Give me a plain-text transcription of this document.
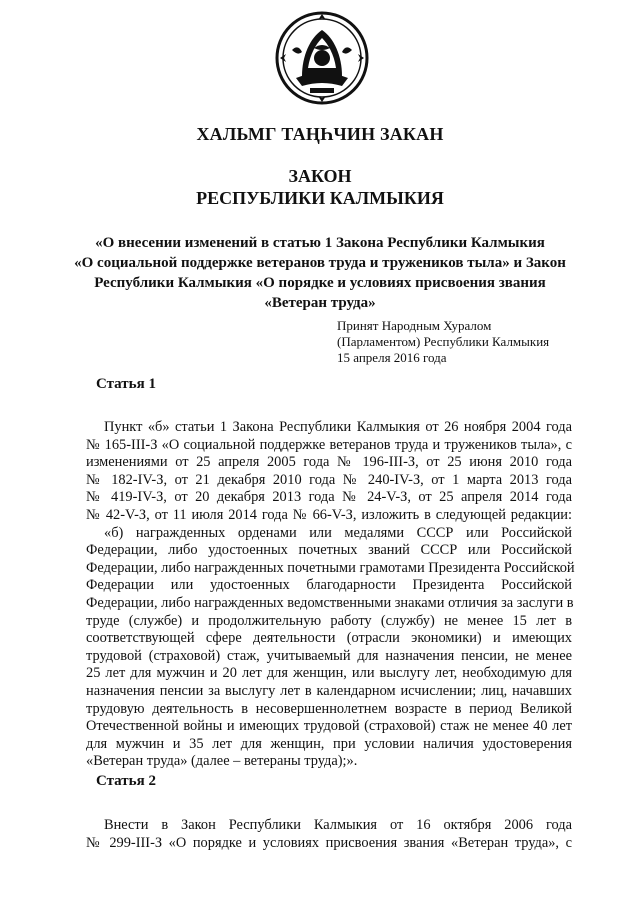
ХАЛЬМГ ТАҢҺЧИН ЗАКАН
ЗАКОН
РЕСПУБЛИКИ КАЛМЫКИЯ
«О внесении изменений в статью 1 Закона Республики Калмыкия
«О социальной поддержке ветеранов труда и тружеников тыла» и Закон
Республики Калмыкия «О порядке и условиях присвоения звания
«Ветеран труда»
Принят Народным Хуралом
(Парламентом) Республики Калмыкия
15 апреля 2016 года
Статья 1
Пункт «б» статьи 1 Закона Республики Калмыкия от 26 ноября 2004 года
№ 165-III-З «О социальной поддержке ветеранов труда и тружеников тыла», с
изменениями от 25 апреля 2005 года № 196-III-З, от 25 июня 2010 года
№ 182-IV-З, от 21 декабря 2010 года № 240-IV-З, от 1 марта 2013 года
№ 419-IV-З, от 20 декабря 2013 года № 24-V-З, от 25 апреля 2014 года
№ 42-V-З, от 11 июля 2014 года № 66-V-З, изложить в следующей редакции:
«б) награжденных орденами или медалями СССР или Российской
Федерации, либо удостоенных почетных званий СССР или Российской
Федерации, либо награжденных почетными грамотами Президента Российской
Федерации или удостоенных благодарности Президента Российской
Федерации, либо награжденных ведомственными знаками отличия за заслуги в
труде (службе) и продолжительную работу (службу) не менее 15 лет в
соответствующей сфере деятельности (отрасли экономики) и имеющих
трудовой (страховой) стаж, учитываемый для назначения пенсии, не менее
25 лет для мужчин и 20 лет для женщин, или выслугу лет, необходимую для
назначения пенсии за выслугу лет в календарном исчислении; лиц, начавших
трудовую деятельность в несовершеннолетнем возрасте в период Великой
Отечественной войны и имеющих трудовой (страховой) стаж не менее 40 лет
для мужчин и 35 лет для женщин, при условии наличия удостоверения
«Ветеран труда» (далее – ветераны труда);».
Статья 2
Внести в Закон Республики Калмыкия от 16 октября 2006 года
№ 299-III-З «О порядке и условиях присвоения звания «Ветеран труда», с
